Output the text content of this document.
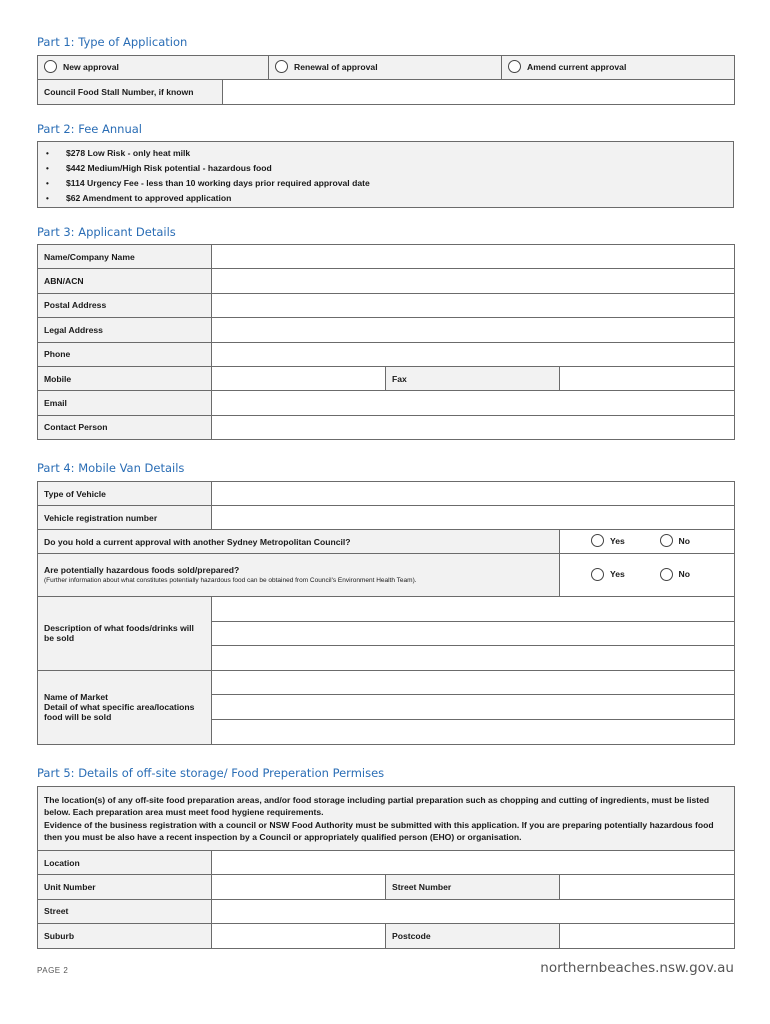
Part 1: Type of Application
New approval		Renewal of approval	Amend current approval

Council Food Stall Number, if known			
Part 2: Fee Annual
• $278 Low Risk - only heat milk
• $442 Medium/High Risk potential - hazardous food
• $114 Urgency Fee - less than 10 working days prior required approval date
• $62 Amendment to approved application
Part 3: Applicant Details
Name/Company Name			
ABN/ACN			
Postal Address			
Legal Address			
Phone			
Mobile		Fax	
Email			
Contact Person			
Part 4: Mobile Van Details
Type of Vehicle			
Vehicle registration number			
Do you hold a current approval with another Sydney Metropolitan Council?		Yes	No

Are potentially hazardous foods sold/prepared?
(Further information about what constitutes potentially hazardous food can be obtained from Council's Environment Health Team).		Yes	No

Description of what foods/drinks will be sold			

Name of Market
Detail of what specific area/locations food will be sold			

Part 5: Details of off-site storage/ Food Preperation Permises
The location(s) of any off-site food preparation areas, and/or food storage including partial preparation such as chopping and cutting of ingredients, must be listed below. Each preparation area must meet food hygiene requirements.
Evidence of the business registration with a council or NSW Food Authority must be submitted with this application. If you are preparing potentially hazardous food then you must be also have a recent inspection by a Council or appropriately qualified person (EHO) or organisation.			

Location			
Unit Number		Street Number	
Street			
Suburb		Postcode	
PAGE 2	northernbeaches.nsw.gov.au
